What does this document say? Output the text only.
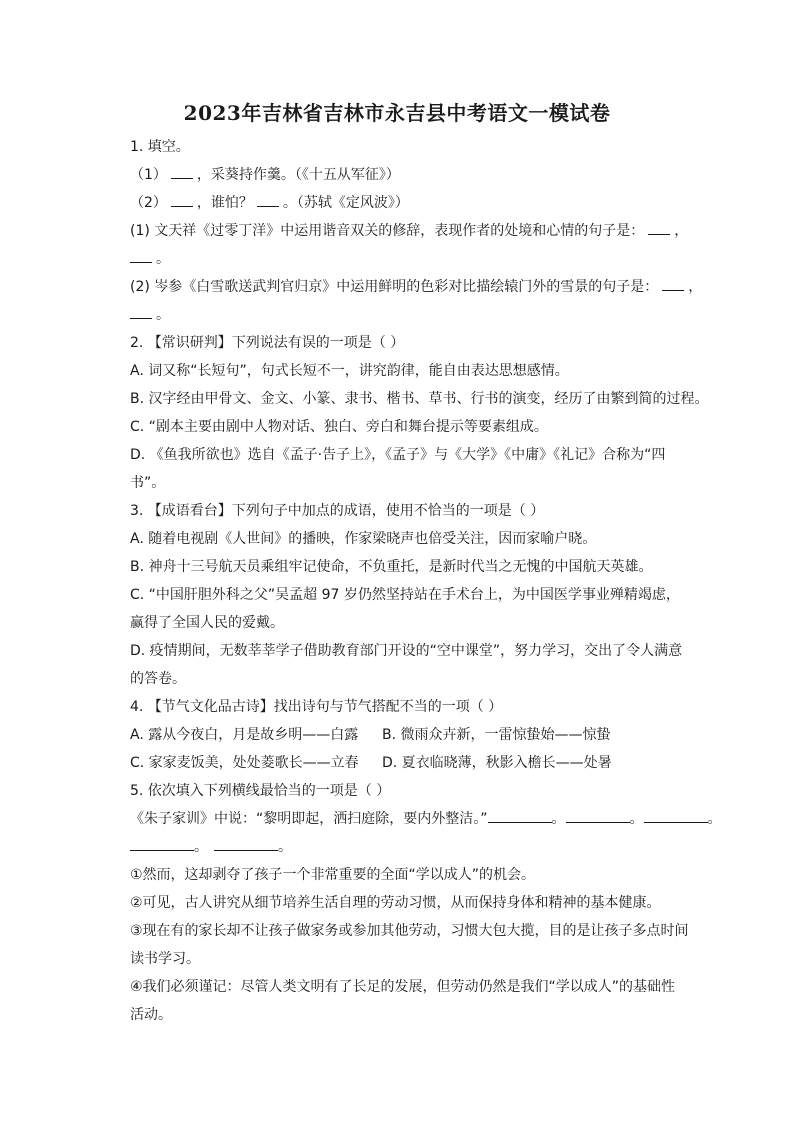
2023年吉林省吉林市永吉县中考语文一模试卷
1. 填空。
（1） ，采葵持作羹。（《十五从军征》）
（2） ，谁怕？ 。（苏轼《定风波》）
(1) 文天祥《过零丁洋》中运用谐音双关的修辞，表现作者的处境和心情的句子是： ，
。
(2) 岑参《白雪歌送武判官归京》中运用鲜明的色彩对比描绘辕门外的雪景的句子是： ，
。
2. 【常识研判】下列说法有误的一项是（ ）
A. 词又称“长短句”，句式长短不一，讲究韵律，能自由表达思想感情。
B. 汉字经由甲骨文、金文、小篆、隶书、楷书、草书、行书的演变，经历了由繁到简的过程。
C. “剧本主要由剧中人物对话、独白、旁白和舞台提示等要素组成。
D. 《鱼我所欲也》选自《孟子·告子上》，《孟子》与《大学》《中庸》《礼记》合称为“四
书”。
3. 【成语看台】下列句子中加点的成语，使用不恰当的一项是（ ）
A. 随着电视剧《人世间》的播映，作家梁晓声也倍受关注，因而家喻户晓。
B. 神舟十三号航天员乘组牢记使命，不负重托，是新时代当之无愧的中国航天英雄。
C. “中国肝胆外科之父”吴孟超 97 岁仍然坚持站在手术台上，为中国医学事业殚精竭虑，
赢得了全国人民的爱戴。
D. 疫情期间，无数莘莘学子借助教育部门开设的“空中课堂”，努力学习，交出了令人满意
的答卷。
4. 【节气文化品古诗】找出诗句与节气搭配不当的一项（ ）
A. 露从今夜白，月是故乡明——白露 B. 微雨众卉新，一雷惊蛰始——惊蛰
C. 家家麦饭美，处处菱歌长——立春 D. 夏衣临晓薄，秋影入檐长——处暑
5. 依次填入下列横线最恰当的一项是（ ）
《朱子家训》中说：“黎明即起，洒扫庭除，要内外整洁。”	。	。	。
。	。
①然而，这却剥夺了孩子一个非常重要的全面“学以成人”的机会。
②可见，古人讲究从细节培养生活自理的劳动习惯，从而保持身体和精神的基本健康。
③现在有的家长却不让孩子做家务或参加其他劳动，习惯大包大揽，目的是让孩子多点时间
读书学习。
④我们必须谨记：尽管人类文明有了长足的发展，但劳动仍然是我们“学以成人”的基础性
活动。
